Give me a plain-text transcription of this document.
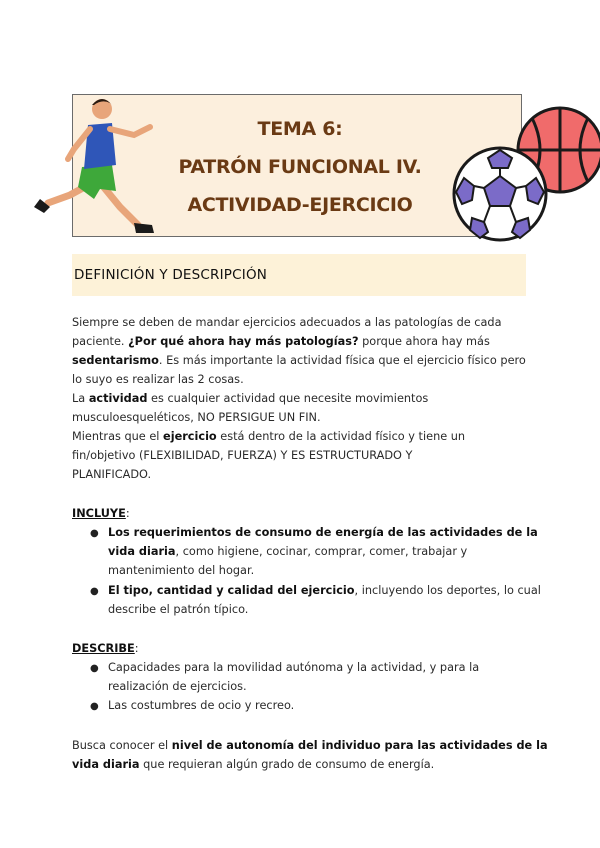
TEMA 6:
PATRÓN FUNCIONAL IV.
ACTIVIDAD-EJERCICIO
DEFINICIÓN Y DESCRIPCIÓN
Siempre se deben de mandar ejercicios adecuados a las patologías de cada
paciente. ¿Por qué ahora hay más patologías? porque ahora hay más
sedentarismo. Es más importante la actividad física que el ejercicio físico pero
lo suyo es realizar las 2 cosas.
La actividad es cualquier actividad que necesite movimientos
musculoesqueléticos, NO PERSIGUE UN FIN.
Mientras que el ejercicio está dentro de la actividad físico y tiene un
fin/objetivo (FLEXIBILIDAD, FUERZA) Y ES ESTRUCTURADO Y
PLANIFICADO.
INCLUYE:
● Los requerimientos de consumo de energía de las actividades de la
vida diaria, como higiene, cocinar, comprar, comer, trabajar y
mantenimiento del hogar.
● El tipo, cantidad y calidad del ejercicio, incluyendo los deportes, lo cual
describe el patrón típico.
DESCRIBE:
● Capacidades para la movilidad autónoma y la actividad, y para la
realización de ejercicios.
● Las costumbres de ocio y recreo.
Busca conocer el nivel de autonomía del individuo para las actividades de la
vida diaria que requieran algún grado de consumo de energía.
